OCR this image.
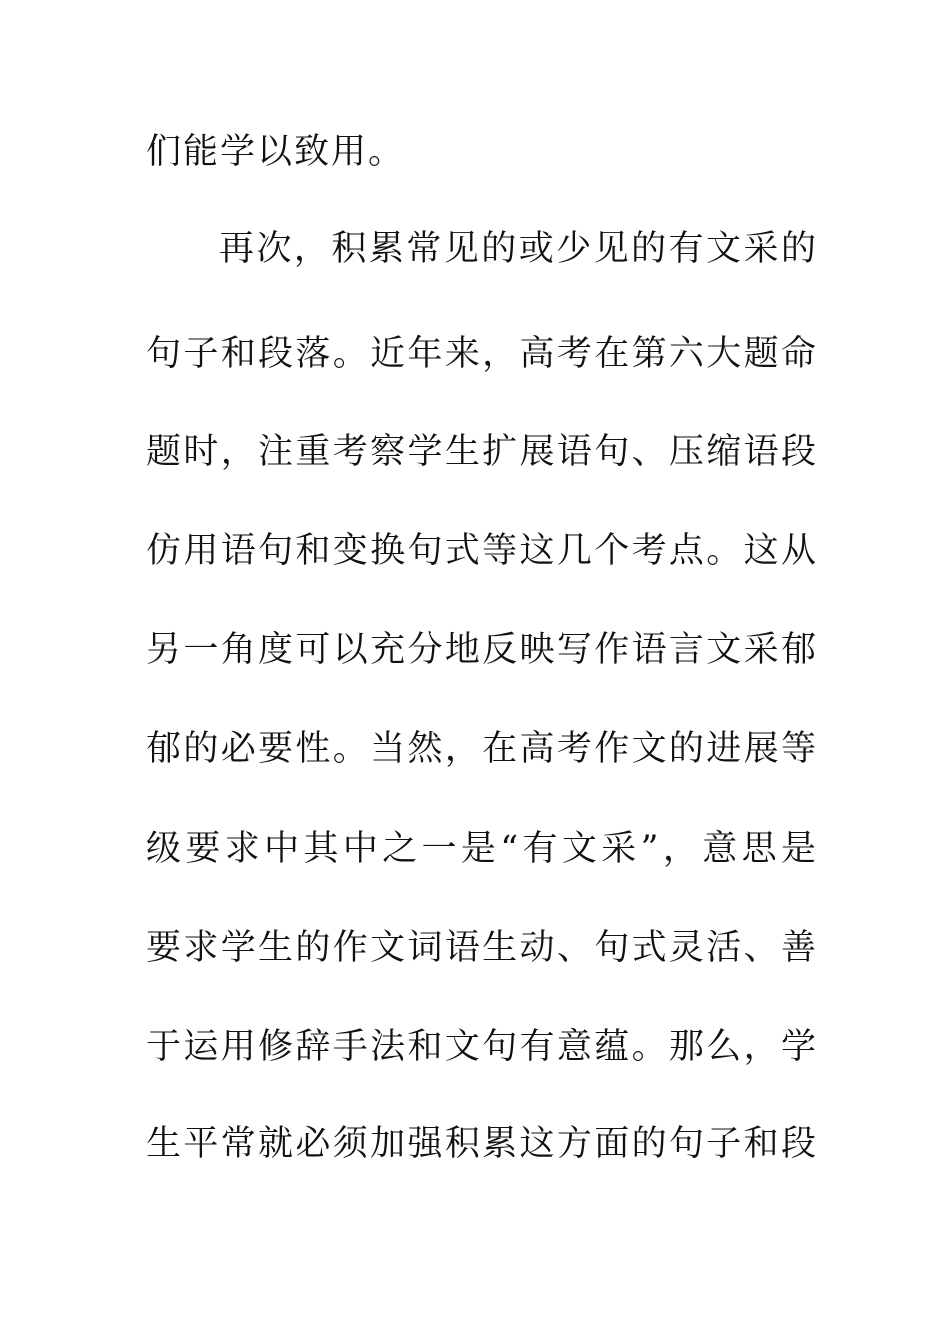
们能学以致用。
再次，积累常见的或少见的有文采的
句子和段落。近年来，高考在第六大题命
题时，注重考察学生扩展语句、压缩语段
仿用语句和变换句式等这几个考点。这从
另一角度可以充分地反映写作语言文采郁
郁的必要性。当然，在高考作文的进展等
级要求中其中之一是“有文采”，意思是
要求学生的作文词语生动、句式灵活、善
于运用修辞手法和文句有意蕴。那么，学
生平常就必须加强积累这方面的句子和段
